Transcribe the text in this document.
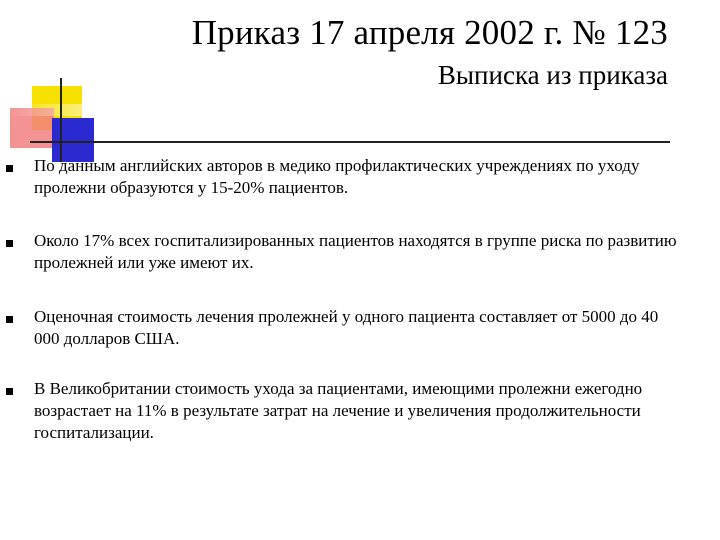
Приказ 17 апреля 2002 г. № 123
Выписка из приказа
По данным английских авторов в медико профилактических учреждениях по уходу пролежни образуются у 15-20% пациентов.
Около 17% всех госпитализированных пациентов находятся в группе риска по развитию пролежней или уже имеют их.
Оценочная стоимость лечения пролежней у одного пациента составляет от 5000 до 40 000 долларов США.
В Великобритании стоимость ухода за пациентами, имеющими пролежни ежегодно возрастает на 11% в результате затрат на лечение и увеличения продолжительности госпитализации.
